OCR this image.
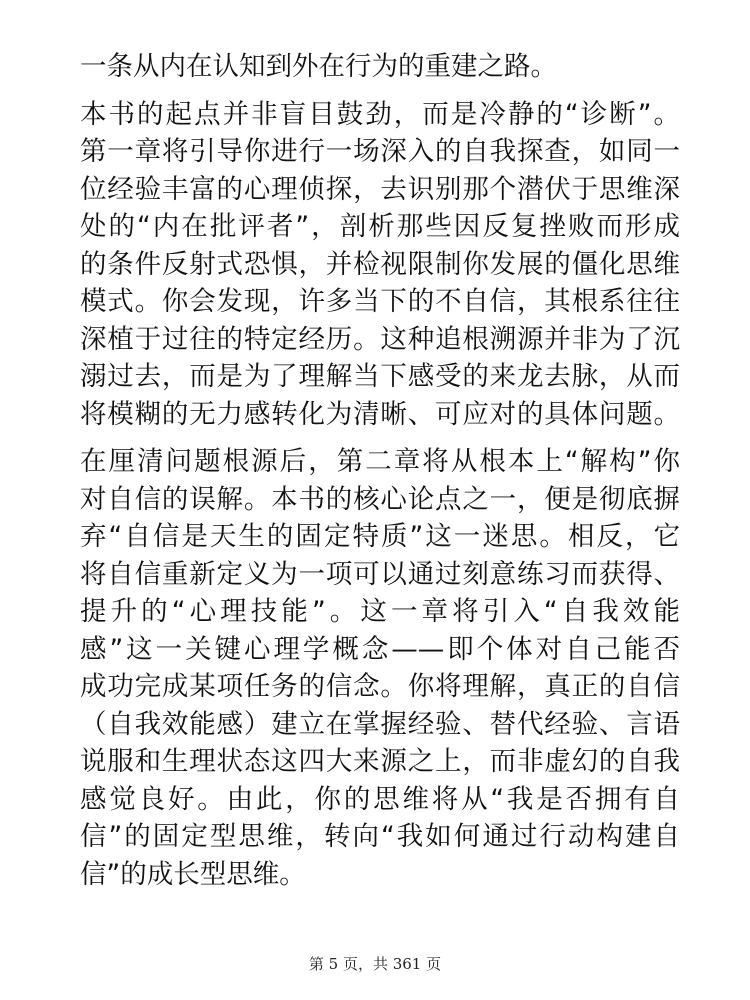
一条从内在认知到外在行为的重建之路。
本书的起点并非盲目鼓劲，而是冷静的“诊断”。
第一章将引导你进行一场深入的自我探查，如同一
位经验丰富的心理侦探，去识别那个潜伏于思维深
处的“内在批评者”，剖析那些因反复挫败而形成
的条件反射式恐惧，并检视限制你发展的僵化思维
模式。你会发现，许多当下的不自信，其根系往往
深植于过往的特定经历。这种追根溯源并非为了沉
溺过去，而是为了理解当下感受的来龙去脉，从而
将模糊的无力感转化为清晰、可应对的具体问题。
在厘清问题根源后，第二章将从根本上“解构”你
对自信的误解。本书的核心论点之一，便是彻底摒
弃“自信是天生的固定特质”这一迷思。相反，它
将自信重新定义为一项可以通过刻意练习而获得、
提升的“心理技能”。这一章将引入“自我效能
感”这一关键心理学概念——即个体对自己能否
成功完成某项任务的信念。你将理解，真正的自信
（自我效能感）建立在掌握经验、替代经验、言语
说服和生理状态这四大来源之上，而非虚幻的自我
感觉良好。由此，你的思维将从“我是否拥有自
信”的固定型思维，转向“我如何通过行动构建自
信”的成长型思维。
第 5 页，共 361 页
